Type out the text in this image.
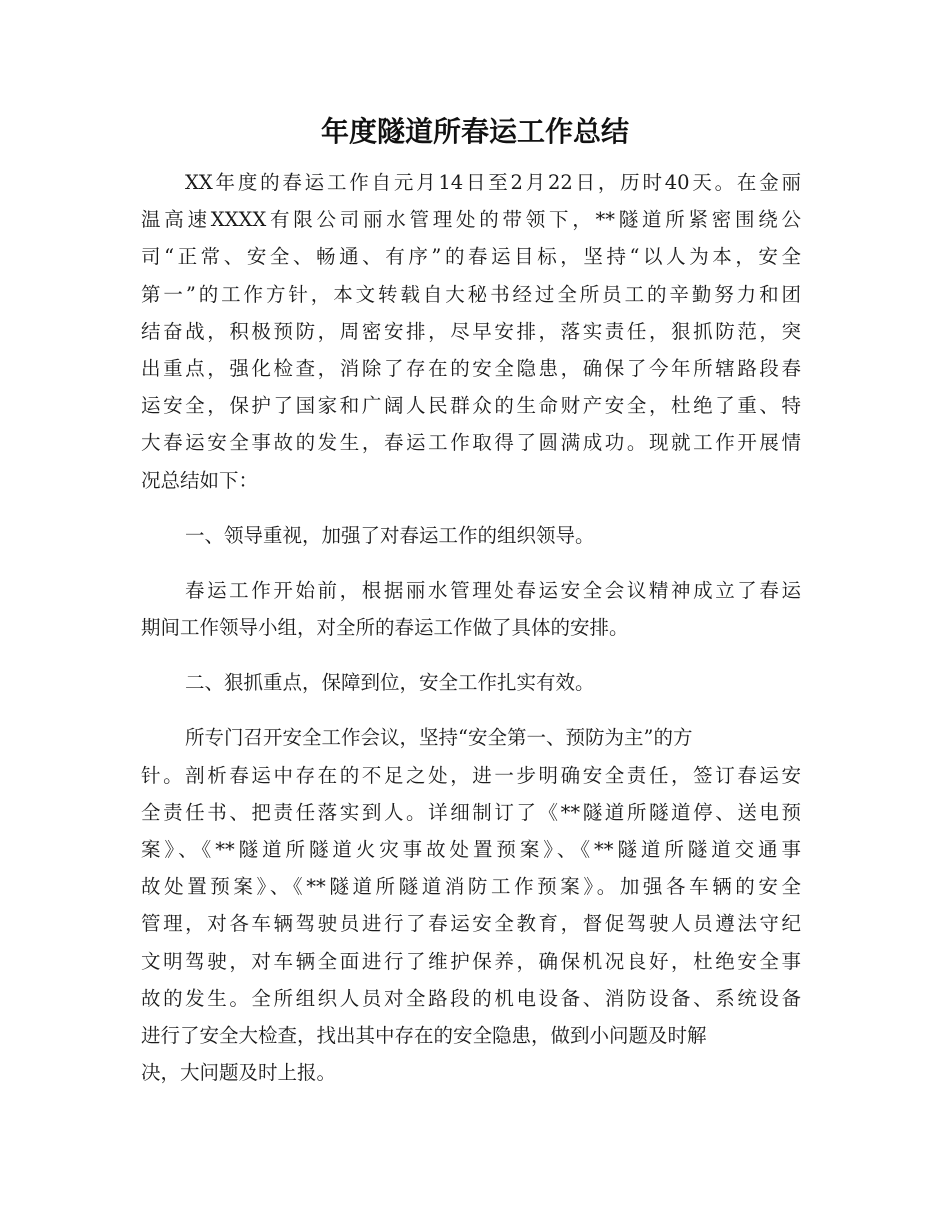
年度隧道所春运工作总结
XX年度的春运工作自元月14日至2月22日，历时40天。在金丽
温高速XXXX有限公司丽水管理处的带领下，**隧道所紧密围绕公
司“正常、安全、畅通、有序”的春运目标，坚持“以人为本，安全
第一”的工作方针，本文转载自大秘书经过全所员工的辛勤努力和团
结奋战，积极预防，周密安排，尽早安排，落实责任，狠抓防范，突
出重点，强化检查，消除了存在的安全隐患，确保了今年所辖路段春
运安全，保护了国家和广阔人民群众的生命财产安全，杜绝了重、特
大春运安全事故的发生，春运工作取得了圆满成功。现就工作开展情
况总结如下：
一、领导重视，加强了对春运工作的组织领导。
春运工作开始前，根据丽水管理处春运安全会议精神成立了春运
期间工作领导小组，对全所的春运工作做了具体的安排。
二、狠抓重点，保障到位，安全工作扎实有效。
所专门召开安全工作会议，坚持“安全第一、预防为主”的方
针。剖析春运中存在的不足之处，进一步明确安全责任，签订春运安
全责任书、把责任落实到人。详细制订了《**隧道所隧道停、送电预
案》、《**隧道所隧道火灾事故处置预案》、《**隧道所隧道交通事
故处置预案》、《**隧道所隧道消防工作预案》。加强各车辆的安全
管理，对各车辆驾驶员进行了春运安全教育，督促驾驶人员遵法守纪
文明驾驶，对车辆全面进行了维护保养，确保机况良好，杜绝安全事
故的发生。全所组织人员对全路段的机电设备、消防设备、系统设备
进行了安全大检查，找出其中存在的安全隐患，做到小问题及时解
决，大问题及时上报。
